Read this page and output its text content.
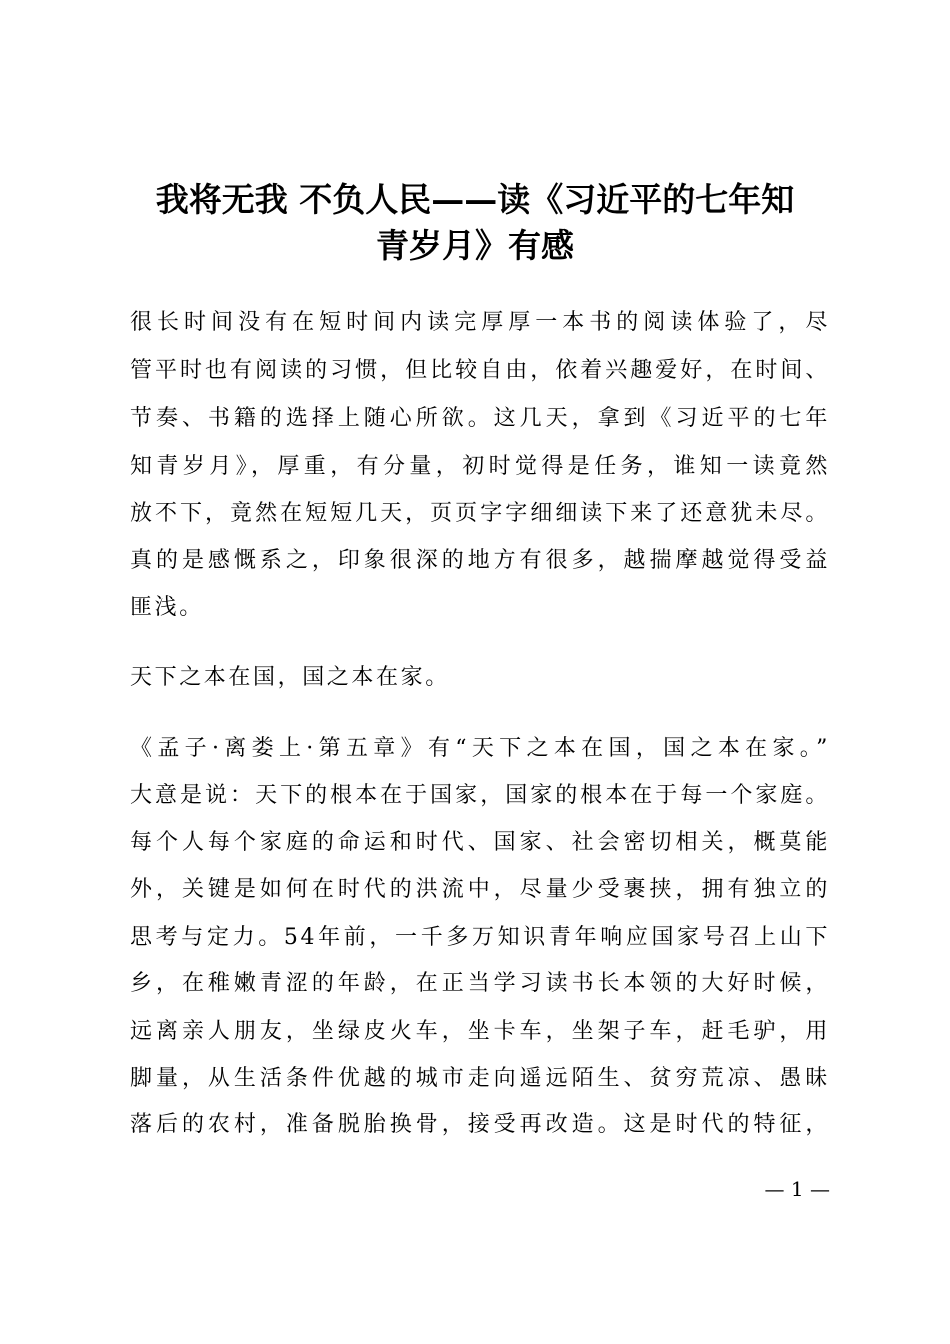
我将无我 不负人民——读《习近平的七年知
青岁月》有感
很长时间没有在短时间内读完厚厚一本书的阅读体验了，尽
管平时也有阅读的习惯，但比较自由，依着兴趣爱好，在时间、
节奏、书籍的选择上随心所欲。这几天，拿到《习近平的七年
知青岁月》，厚重，有分量，初时觉得是任务，谁知一读竟然
放不下，竟然在短短几天，页页字字细细读下来了还意犹未尽。
真的是感慨系之，印象很深的地方有很多，越揣摩越觉得受益
匪浅。
天下之本在国，国之本在家。
《孟子·离娄上·第五章》有“天下之本在国，国之本在家。”
大意是说：天下的根本在于国家，国家的根本在于每一个家庭。
每个人每个家庭的命运和时代、国家、社会密切相关，概莫能
外，关键是如何在时代的洪流中，尽量少受裹挟，拥有独立的
思考与定力。54年前，一千多万知识青年响应国家号召上山下
乡，在稚嫩青涩的年龄，在正当学习读书长本领的大好时候，
远离亲人朋友，坐绿皮火车，坐卡车，坐架子车，赶毛驴，用
脚量，从生活条件优越的城市走向遥远陌生、贫穷荒凉、愚昧
落后的农村，准备脱胎换骨，接受再改造。这是时代的特征，
— 1 —
